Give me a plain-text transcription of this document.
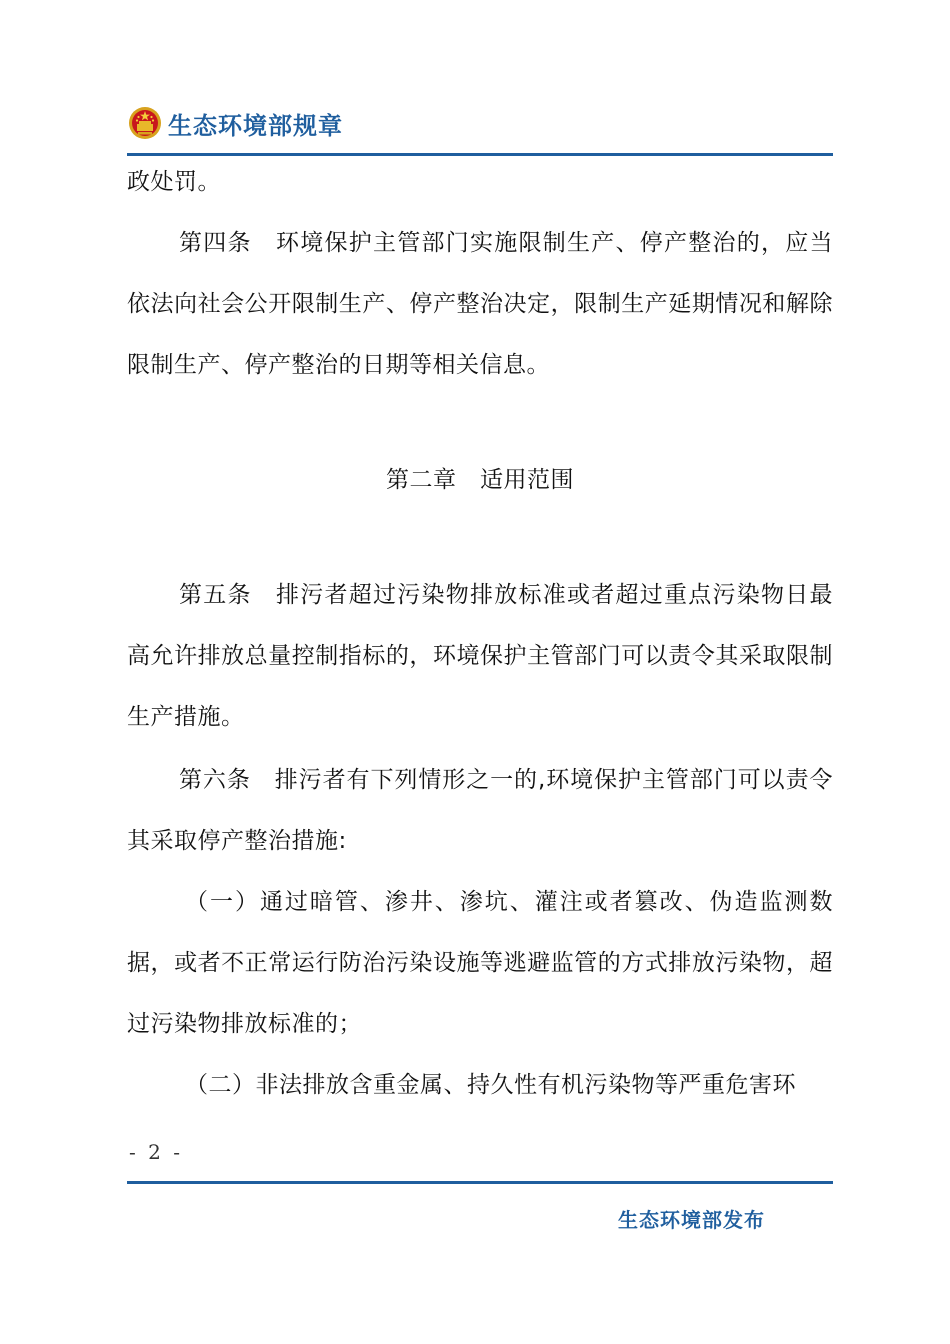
生态环境部规章

政处罚。

第四条　环境保护主管部门实施限制生产、停产整治的，应当依法向社会公开限制生产、停产整治决定，限制生产延期情况和解除限制生产、停产整治的日期等相关信息。

第二章　适用范围

第五条　排污者超过污染物排放标准或者超过重点污染物日最高允许排放总量控制指标的，环境保护主管部门可以责令其采取限制生产措施。

第六条　排污者有下列情形之一的,环境保护主管部门可以责令其采取停产整治措施:

（一）通过暗管、渗井、渗坑、灌注或者篡改、伪造监测数据，或者不正常运行防治污染设施等逃避监管的方式排放污染物，超过污染物排放标准的；

（二）非法排放含重金属、持久性有机污染物等严重危害环

- 2 -
生态环境部发布
